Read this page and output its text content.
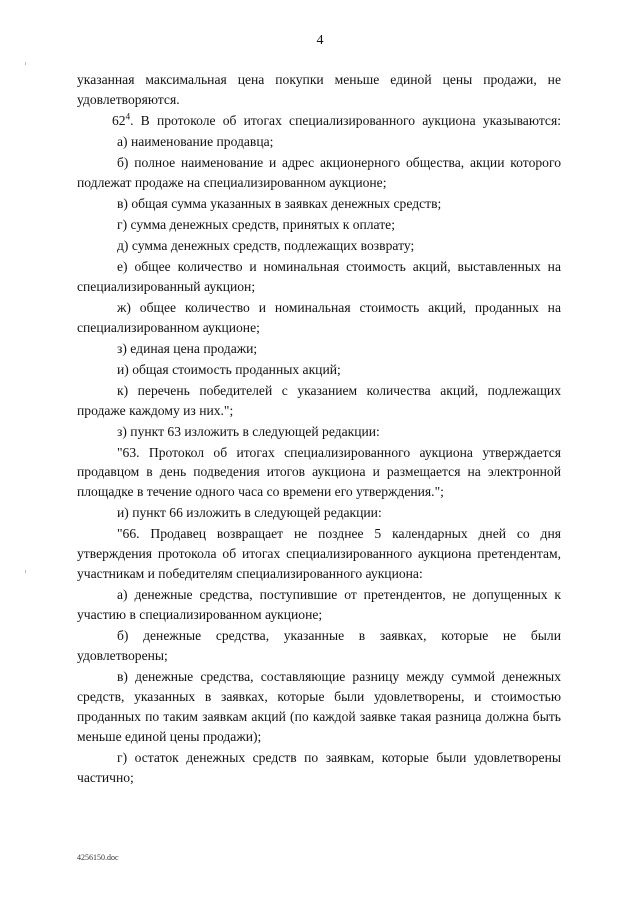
4

указанная максимальная цена покупки меньше единой цены продажи, не удовлетворяются.

$62^4$. В протоколе об итогах специализированного аукциона указываются:

а) наименование продавца;

б) полное наименование и адрес акционерного общества, акции которого подлежат продаже на специализированном аукционе;

в) общая сумма указанных в заявках денежных средств;

г) сумма денежных средств, принятых к оплате;

д) сумма денежных средств, подлежащих возврату;

е) общее количество и номинальная стоимость акций, выставленных на специализированный аукцион;

ж) общее количество и номинальная стоимость акций, проданных на специализированном аукционе;

з) единая цена продажи;

и) общая стоимость проданных акций;

к) перечень победителей с указанием количества акций, подлежащих продаже каждому из них.";

з) пункт 63 изложить в следующей редакции:

"63. Протокол об итогах специализированного аукциона утверждается продавцом в день подведения итогов аукциона и размещается на электронной площадке в течение одного часа со времени его утверждения.";

и) пункт 66 изложить в следующей редакции:

"66. Продавец возвращает не позднее 5 календарных дней со дня утверждения протокола об итогах специализированного аукциона претендентам, участникам и победителям специализированного аукциона:

а) денежные средства, поступившие от претендентов, не допущенных к участию в специализированном аукционе;

б) денежные средства, указанные в заявках, которые не были удовлетворены;

в) денежные средства, составляющие разницу между суммой денежных средств, указанных в заявках, которые были удовлетворены, и стоимостью проданных по таким заявкам акций (по каждой заявке такая разница должна быть меньше единой цены продажи);

г) остаток денежных средств по заявкам, которые были удовлетворены частично;

4256150.doc
